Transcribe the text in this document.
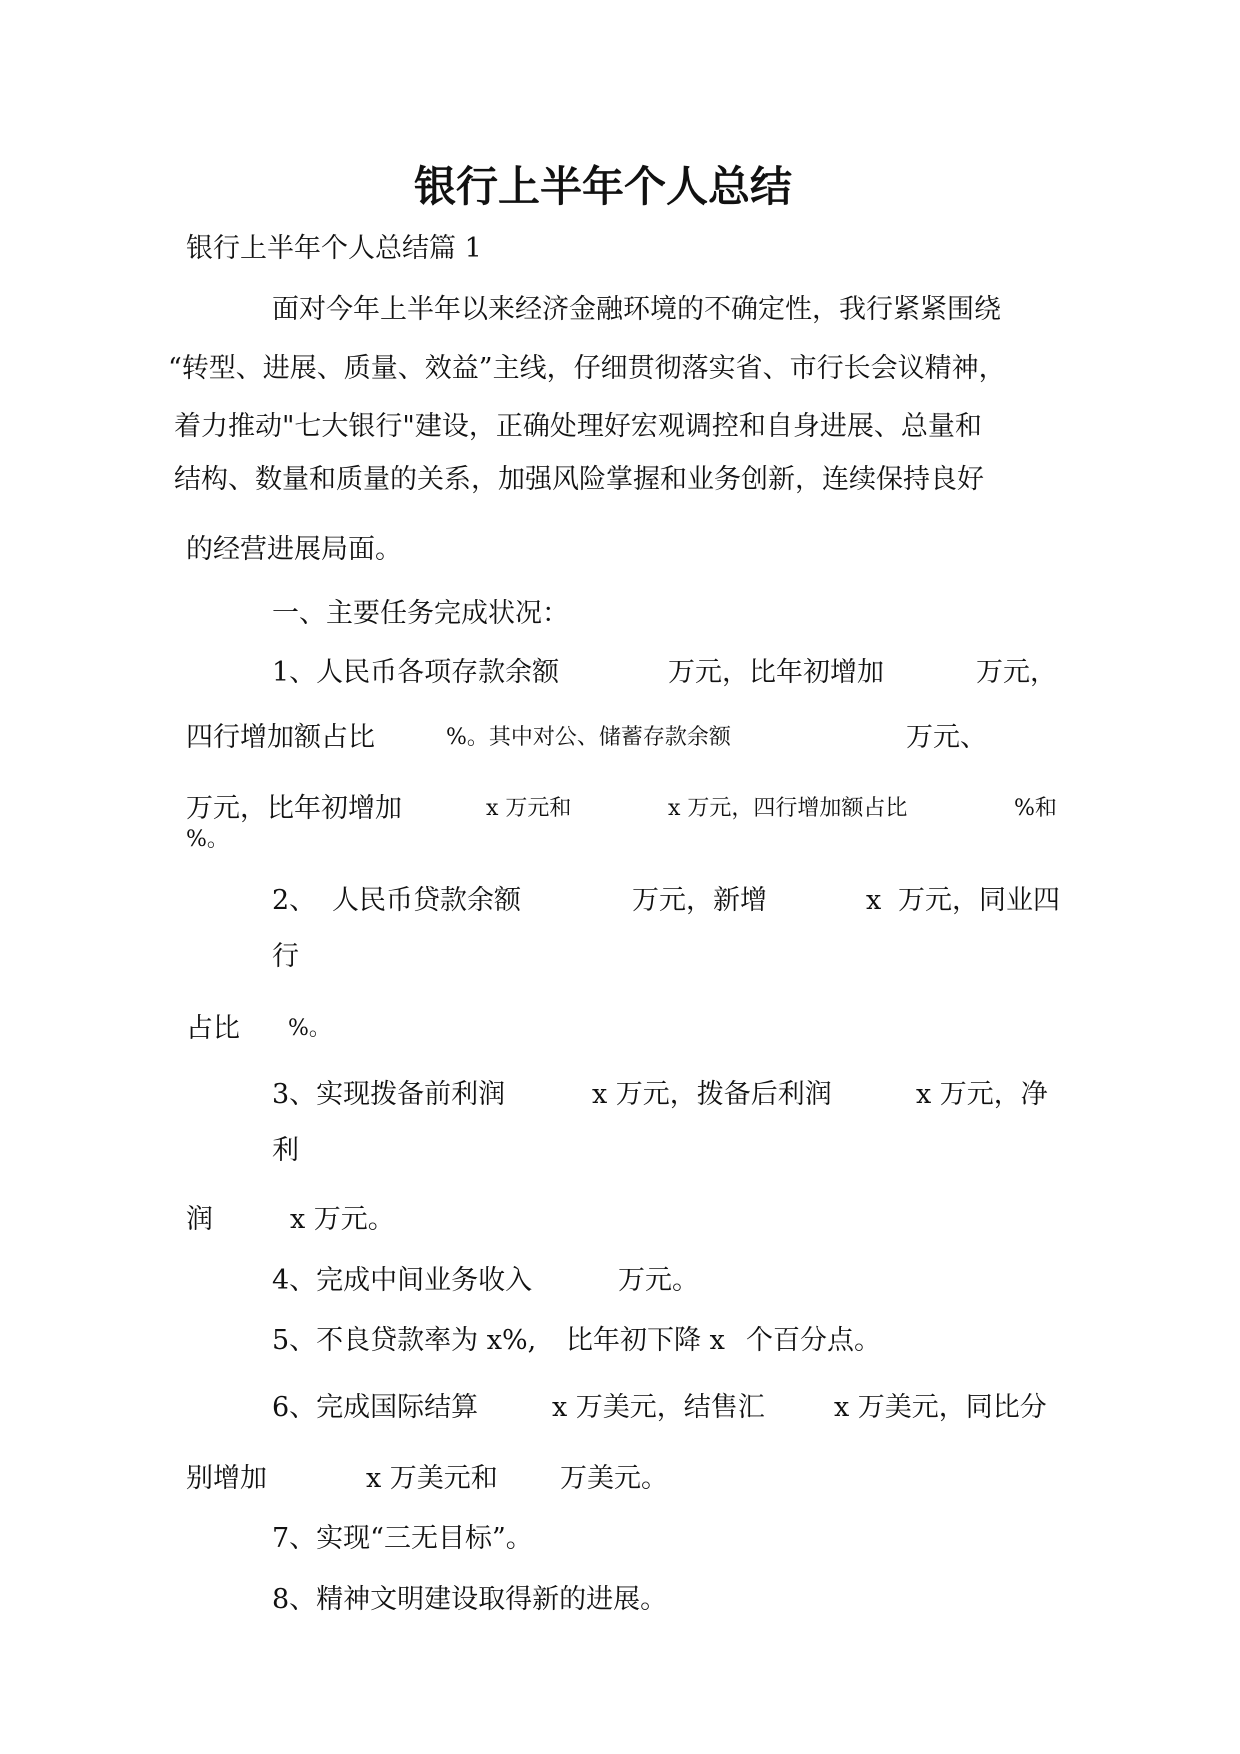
银行上半年个人总结
银行上半年个人总结篇 1
面对今年上半年以来经济金融环境的不确定性，我行紧紧围绕
“转型、进展、质量、效益”主线，仔细贯彻落实省、市行长会议精神，
着力推动"七大银行"建设，正确处理好宏观调控和自身进展、总量和
结构、数量和质量的关系，加强风险掌握和业务创新，连续保持良好
的经营进展局面。
一、主要任务完成状况：
1、人民币各项存款余额	万元，比年初增加	万元，
四行增加额占比	%。其中对公、储蓄存款余额	万元、
万元，比年初增加	x 万元和	x 万元，四行增加额占比	%和
%。
2、 人民币贷款余额	万元，新增	x 万元，同业四
行
占比 %。
3、实现拨备前利润	x 万元，拨备后利润	x 万元，净
利
润	x 万元。
4、完成中间业务收入	万元。
5、不良贷款率为 x%, 比年初下降 x 个百分点。
6、完成国际结算	x 万美元，结售汇	x 万美元，同比分
别增加	x 万美元和 万美元。
7、实现“三无目标”。
8、精神文明建设取得新的进展。
